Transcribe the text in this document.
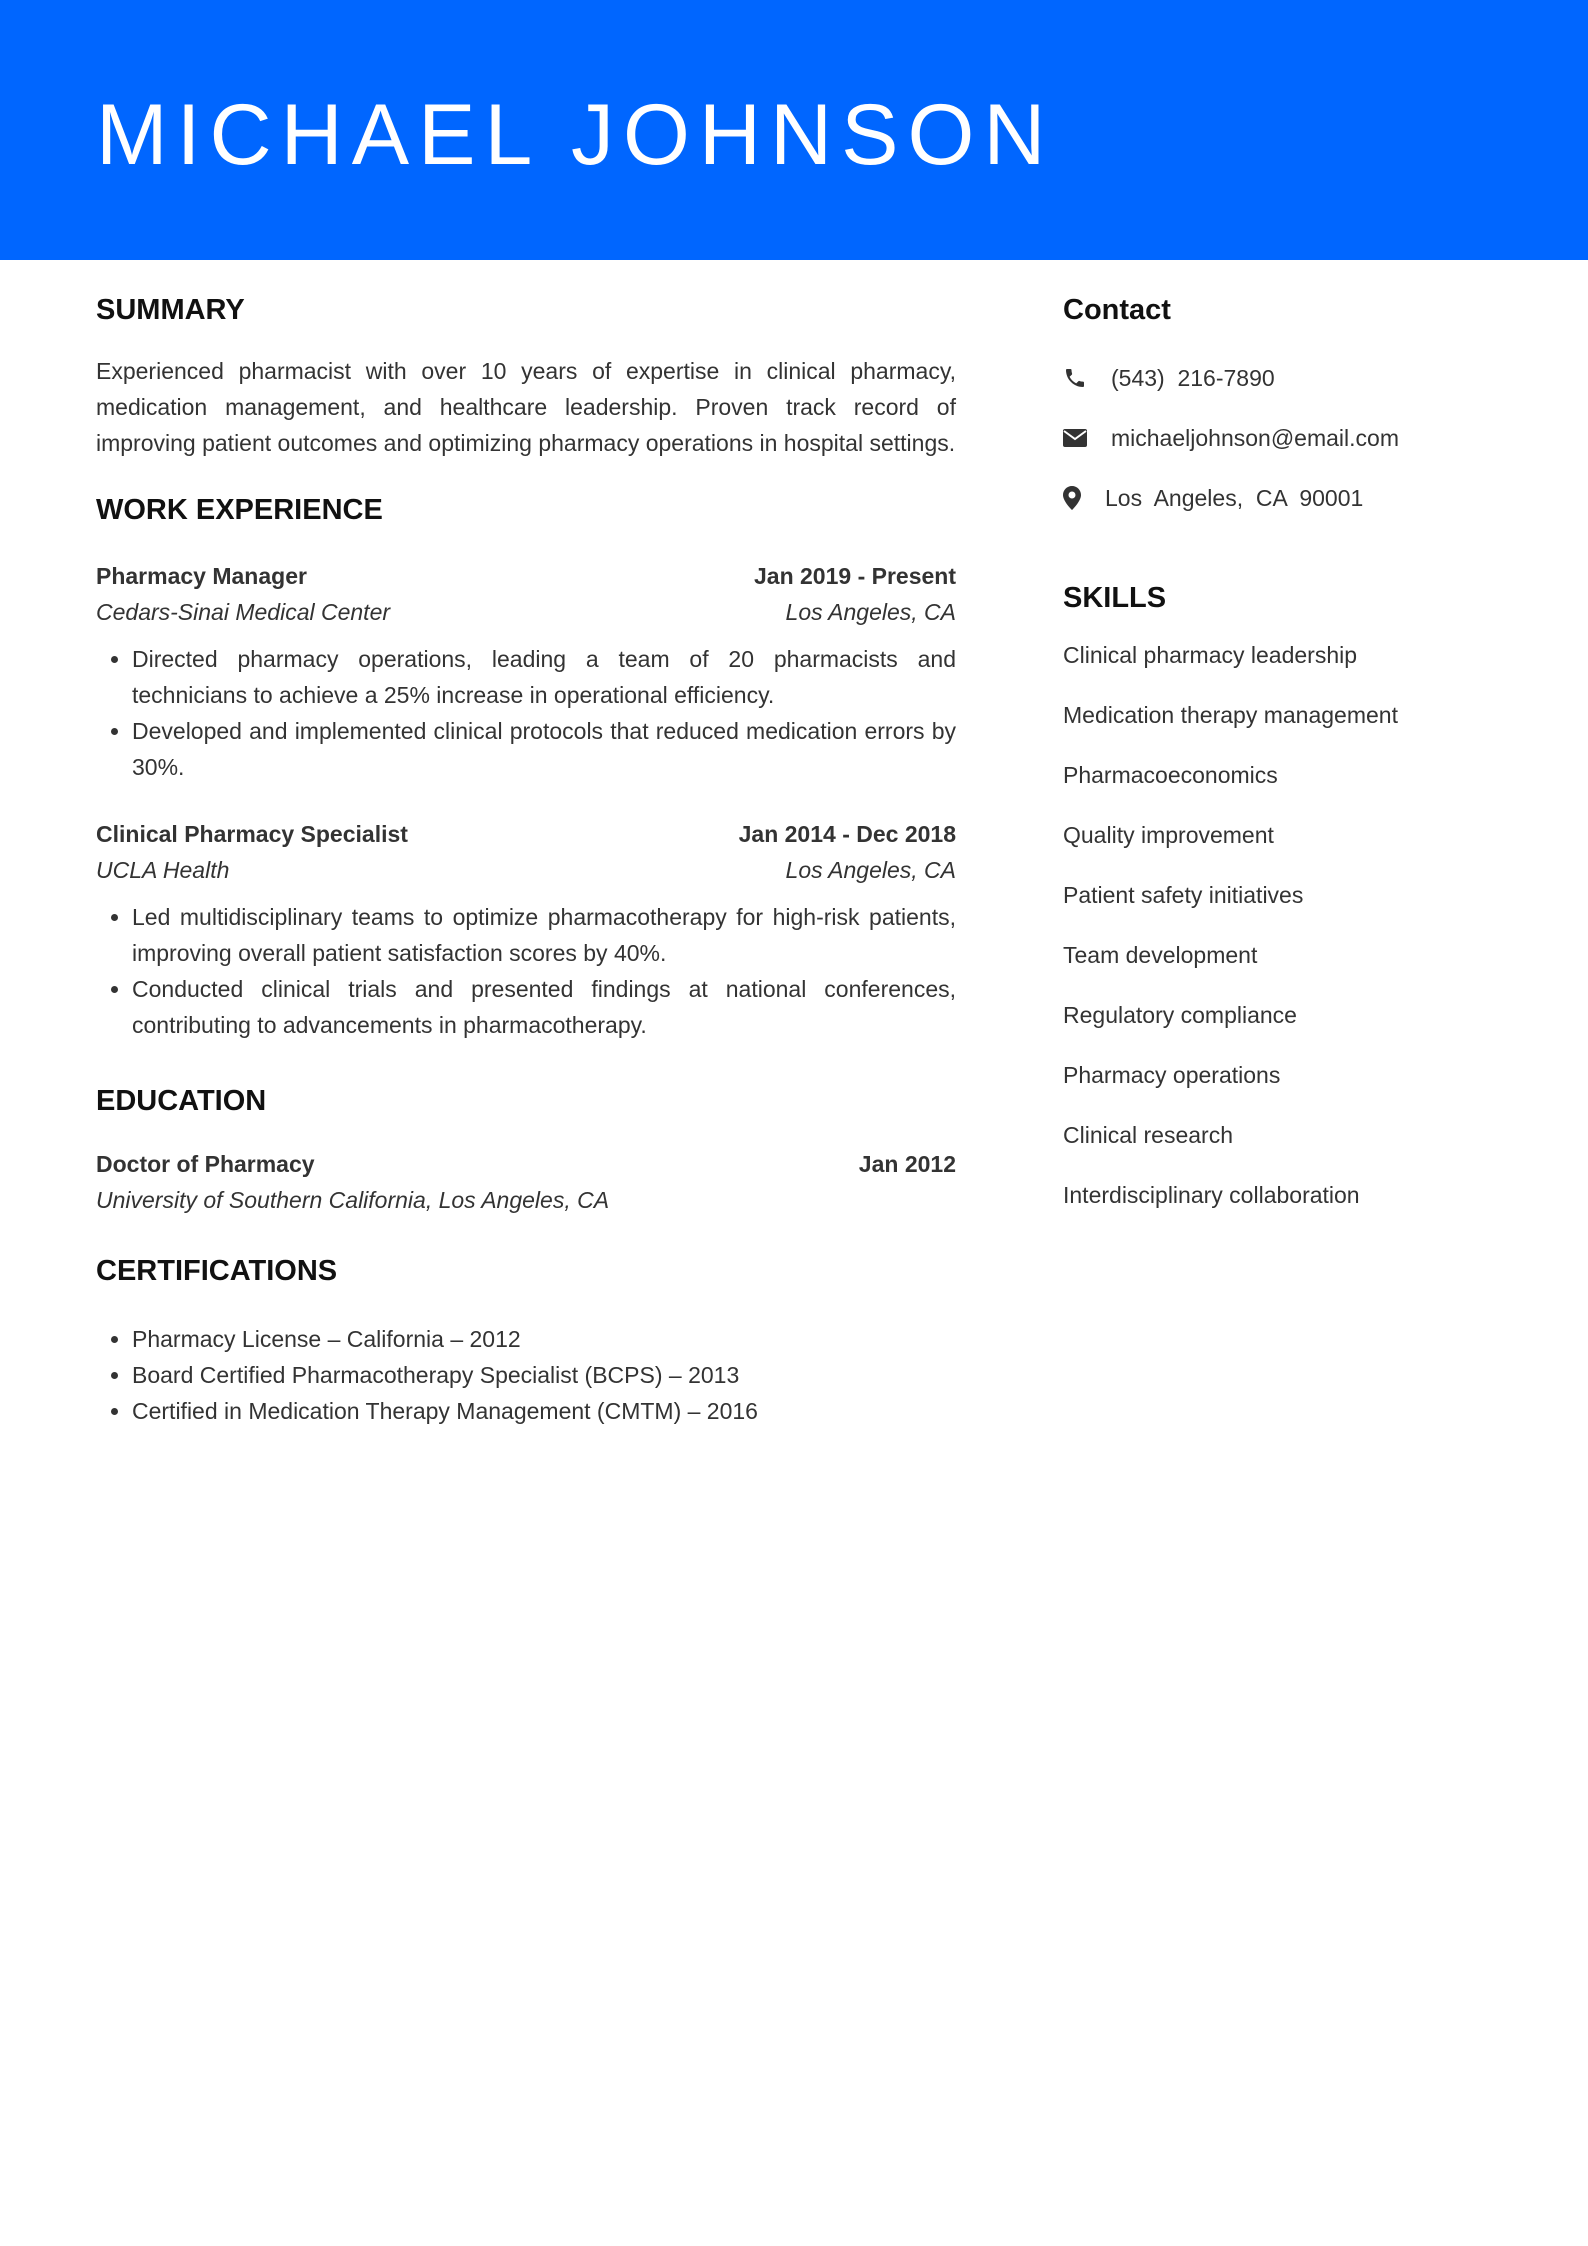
MICHAEL JOHNSON
SUMMARY

Experienced pharmacist with over 10 years of expertise in clinical pharmacy, medication management, and healthcare leadership. Proven track record of improving patient outcomes and optimizing pharmacy operations in hospital settings.

WORK EXPERIENCE
Pharmacy Manager	Jan 2019 - Present
Cedars-Sinai Medical Center	Los Angeles, CA
• Directed pharmacy operations, leading a team of 20 pharmacists and technicians to achieve a 25% increase in operational efficiency.
• Developed and implemented clinical protocols that reduced medication errors by 30%.
Clinical Pharmacy Specialist	Jan 2014 - Dec 2018
UCLA Health	Los Angeles, CA
• Led multidisciplinary teams to optimize pharmacotherapy for high-risk patients, improving overall patient satisfaction scores by 40%.
• Conducted clinical trials and presented findings at national conferences, contributing to advancements in pharmacotherapy.
EDUCATION
Doctor of Pharmacy	Jan 2012
University of Southern California, Los Angeles, CA
CERTIFICATIONS
• Pharmacy License – California – 2012
• Board Certified Pharmacotherapy Specialist (BCPS) – 2013
• Certified in Medication Therapy Management (CMTM) – 2016
Contact
(543)  216-7890
michaeljohnson@email.com
Los  Angeles,  CA  90001
SKILLS
Clinical pharmacy leadership
Medication therapy management
Pharmacoeconomics
Quality improvement
Patient safety initiatives
Team development
Regulatory compliance
Pharmacy operations
Clinical research
Interdisciplinary collaboration
